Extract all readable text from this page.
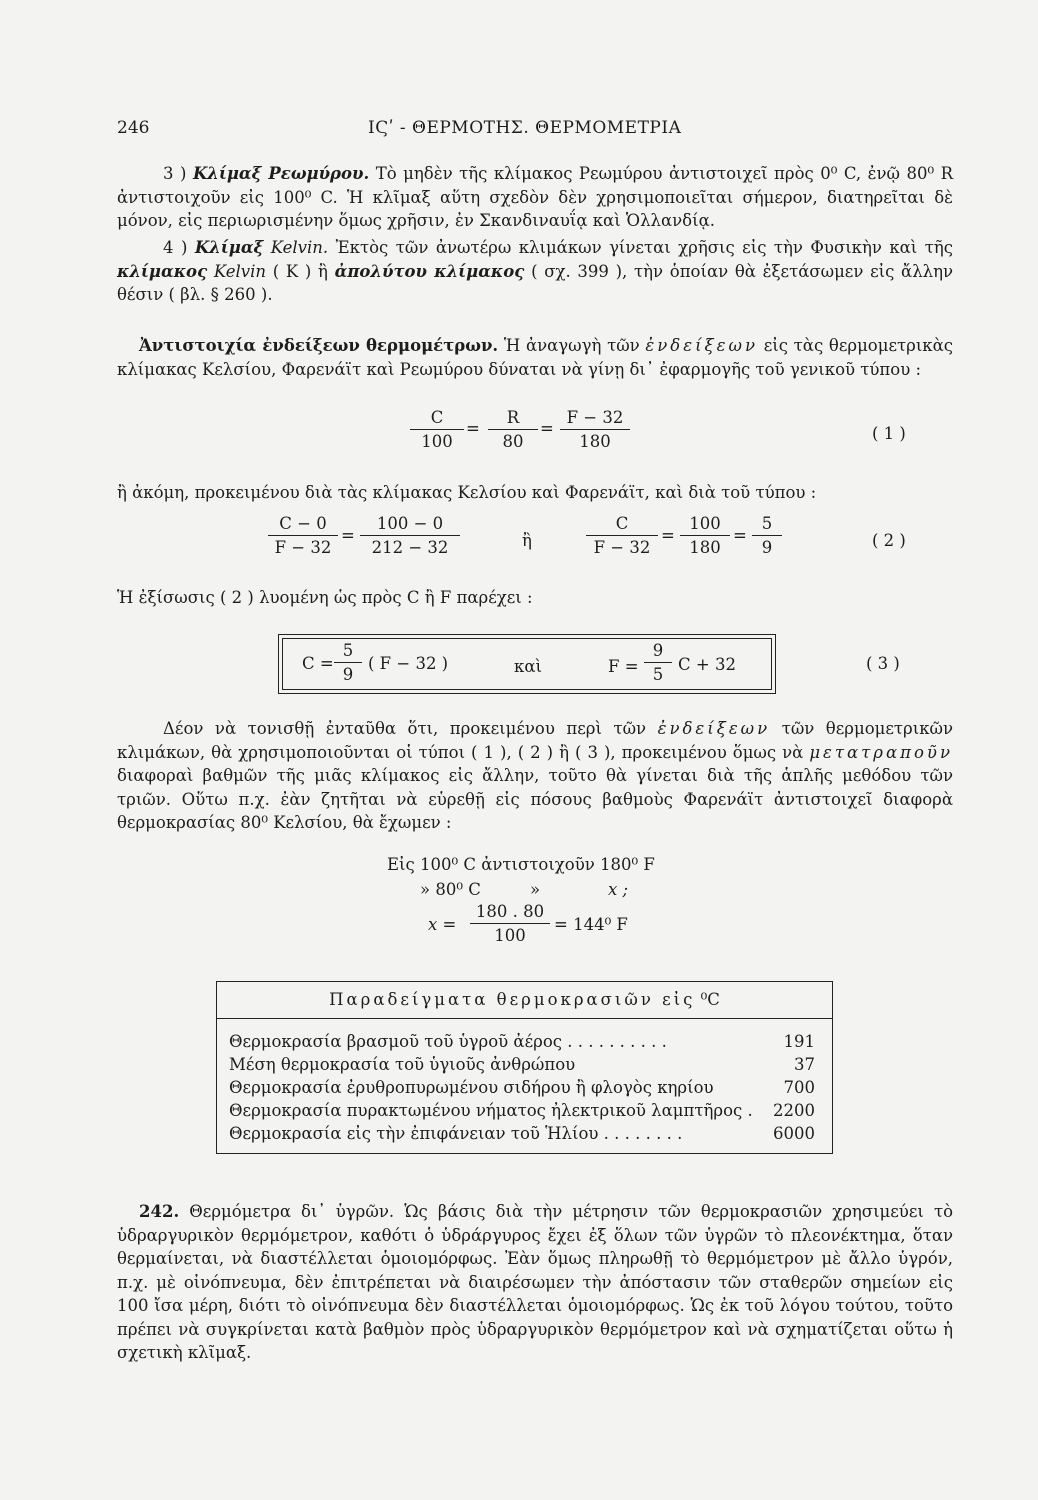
246	ΙϚʹ - ΘΕΡΜΟΤΗΣ. ΘΕΡΜΟΜΕΤΡΙΑ
3 ) Κλίμαξ Ρεωμύρου. Τὸ μηδὲν τῆς κλίμακος Ρεωμύρου ἀντιστοιχεῖ πρὸς 0⁰ C, ἐνῷ 80⁰ R ἀντιστοιχοῦν εἰς 100⁰ C. Ἡ κλῖμαξ αὕτη σχεδὸν δὲν χρησιμοποιεῖται σήμερον, διατηρεῖται δὲ μόνον, εἰς περιωρισμένην ὅμως χρῆσιν, ἐν Σκανδιναυΐᾳ καὶ Ὁλλανδίᾳ.
4 ) Κλίμαξ Kelvin. Ἐκτὸς τῶν ἀνωτέρω κλιμάκων γίνεται χρῆσις εἰς τὴν Φυσικὴν καὶ τῆς κλίμακος Kelvin ( K ) ἢ ἀπολύτου κλίμακος ( σχ. 399 ), τὴν ὁποίαν θὰ ἐξετάσωμεν εἰς ἄλλην θέσιν ( βλ. § 260 ).
Ἀντιστοιχία ἐνδείξεων θερμομέτρων. Ἡ ἀναγωγὴ τῶν ἐνδείξεων εἰς τὰς θερμομετρικὰς κλίμακας Κελσίου, Φαρενάϊτ καὶ Ρεωμύρου δύναται νὰ γίνῃ δι᾽ ἐφαρμογῆς τοῦ γενικοῦ τύπου :
$\frac{C}{100} = \frac{R}{80} = \frac{F - 32}{180}$	( 1 )
ἢ ἀκόμη, προκειμένου διὰ τὰς κλίμακας Κελσίου καὶ Φαρενάϊτ, καὶ διὰ τοῦ τύπου :
$\frac{C - 0}{F - 32} = \frac{100 - 0}{212 - 32}$	ἢ	$\frac{C}{F - 32} = \frac{100}{180} = \frac{5}{9}$	( 2 )
Ἡ ἐξίσωσις ( 2 ) λυομένη ὡς πρὸς C ἢ F παρέχει :
$C = \frac{5}{9}$ ( F − 32 )	καὶ	$F = \frac{9}{5}$ C + 32	( 3 )
Δέον νὰ τονισθῇ ἐνταῦθα ὅτι, προκειμένου περὶ τῶν ἐνδείξεων τῶν θερμομετρικῶν κλιμάκων, θὰ χρησιμοποιοῦνται οἱ τύποι ( 1 ), ( 2 ) ἢ ( 3 ), προκειμένου ὅμως νὰ μετατραποῦν διαφοραὶ βαθμῶν τῆς μιᾶς κλίμακος εἰς ἄλλην, τοῦτο θὰ γίνεται διὰ τῆς ἁπλῆς μεθόδου τῶν τριῶν. Οὕτω π.χ. ἐὰν ζητῆται νὰ εὑρεθῇ εἰς πόσους βαθμοὺς Φαρενάϊτ ἀντιστοιχεῖ διαφορὰ θερμοκρασίας 80⁰ Κελσίου, θὰ ἔχωμεν :
Εἰς 100⁰ C ἀντιστοιχοῦν 180⁰ F
» 80⁰ C	»	x ;
$x = \frac{180 . 80}{100} = 144^0$ F
Παραδείγματα θερμοκρασιῶν εἰς ⁰C
Θερμοκρασία βρασμοῦ τοῦ ὑγροῦ ἀέρος . . . . . . . . . .	191
Μέση θερμοκρασία τοῦ ὑγιοῦς ἀνθρώπου	37
Θερμοκρασία ἐρυθροπυρωμένου σιδήρου ἢ φλογὸς κηρίου	700
Θερμοκρασία πυρακτωμένου νήματος ἠλεκτρικοῦ λαμπτῆρος . 2200
Θερμοκρασία εἰς τὴν ἐπιφάνειαν τοῦ Ἡλίου . . . . . . . .	6000
242. Θερμόμετρα δι᾽ ὑγρῶν. Ὡς βάσις διὰ τὴν μέτρησιν τῶν θερμοκρασιῶν χρησιμεύει τὸ ὑδραργυρικὸν θερμόμετρον, καθότι ὁ ὑδράργυρος ἔχει ἐξ ὅλων τῶν ὑγρῶν τὸ πλεονέκτημα, ὅταν θερμαίνεται, νὰ διαστέλλεται ὁμοιομόρφως. Ἐὰν ὅμως πληρωθῇ τὸ θερμόμετρον μὲ ἄλλο ὑγρόν, π.χ. μὲ οἰνόπνευμα, δὲν ἐπιτρέπεται νὰ διαιρέσωμεν τὴν ἀπόστασιν τῶν σταθερῶν σημείων εἰς 100 ἴσα μέρη, διότι τὸ οἰνόπνευμα δὲν διαστέλλεται ὁμοιομόρφως. Ὡς ἐκ τοῦ λόγου τούτου, τοῦτο πρέπει νὰ συγκρίνεται κατὰ βαθμὸν πρὸς ὑδραργυρικὸν θερμόμετρον καὶ νὰ σχηματίζεται οὕτω ἡ σχετικὴ κλῖμαξ.
